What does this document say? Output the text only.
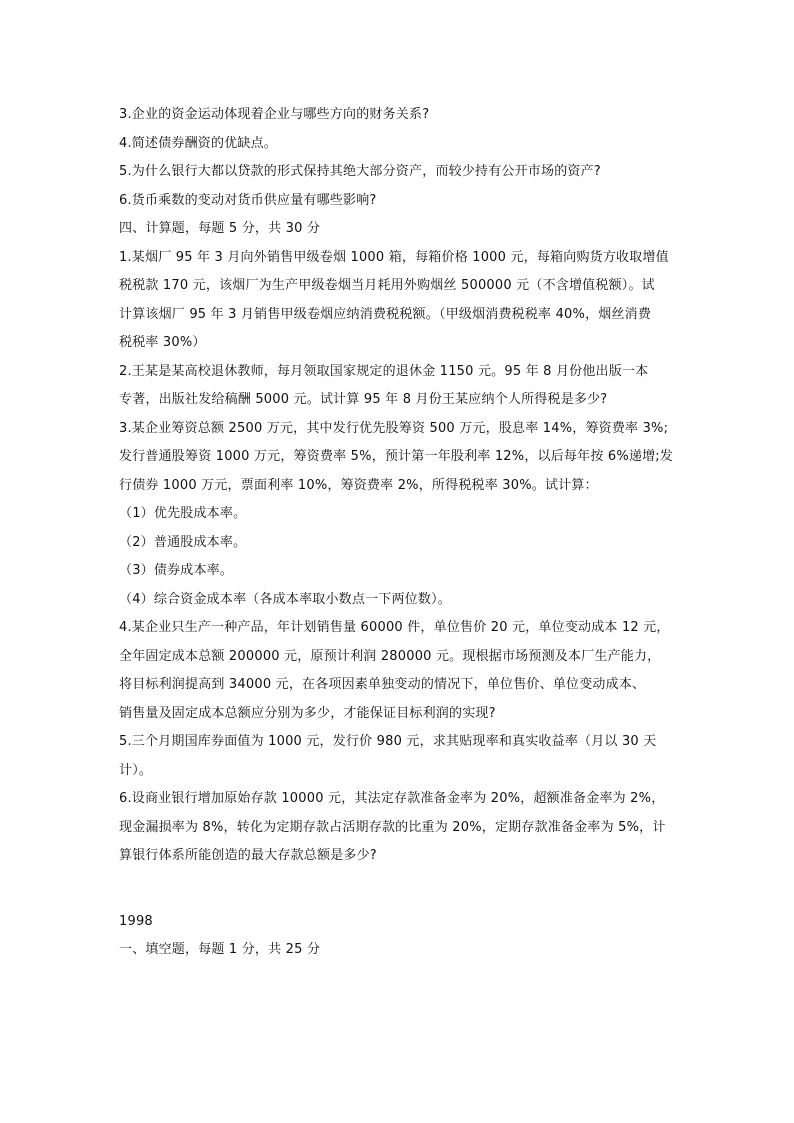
3.企业的资金运动体现着企业与哪些方向的财务关系?
4.简述债券酬资的优缺点。
5.为什么银行大都以贷款的形式保持其绝大部分资产，而较少持有公开市场的资产?
6.货币乘数的变动对货币供应量有哪些影响?
四、计算题，每题 5 分，共 30 分
1.某烟厂 95 年 3 月向外销售甲级卷烟 1000 箱，每箱价格 1000 元，每箱向购货方收取增值
税税款 170 元，该烟厂为生产甲级卷烟当月耗用外购烟丝 500000 元（不含增值税额）。试
计算该烟厂 95 年 3 月销售甲级卷烟应纳消费税税额。（甲级烟消费税税率 40%，烟丝消费
税税率 30%）
2.王某是某高校退休教师，每月领取国家规定的退休金 1150 元。95 年 8 月份他出版一本
专著，出版社发给稿酬 5000 元。试计算 95 年 8 月份王某应纳个人所得税是多少?
3.某企业筹资总额 2500 万元，其中发行优先股筹资 500 万元，股息率 14%，筹资费率 3%;
发行普通股筹资 1000 万元，筹资费率 5%，预计第一年股利率 12%，以后每年按 6%递增;发
行债券 1000 万元，票面利率 10%，筹资费率 2%，所得税税率 30%。试计算：
（1）优先股成本率。
（2）普通股成本率。
（3）债券成本率。
（4）综合资金成本率（各成本率取小数点一下两位数）。
4.某企业只生产一种产品，年计划销售量 60000 件，单位售价 20 元，单位变动成本 12 元，
全年固定成本总额 200000 元，原预计利润 280000 元。现根据市场预测及本厂生产能力，
将目标利润提高到 34000 元，在各项因素单独变动的情况下，单位售价、单位变动成本、
销售量及固定成本总额应分别为多少，才能保证目标利润的实现?
5.三个月期国库券面值为 1000 元，发行价 980 元，求其贴现率和真实收益率（月以 30 天
计）。
6.设商业银行增加原始存款 10000 元，其法定存款准备金率为 20%，超额准备金率为 2%，
现金漏损率为 8%，转化为定期存款占活期存款的比重为 20%，定期存款准备金率为 5%，计
算银行体系所能创造的最大存款总额是多少?
1998
一、填空题，每题 1 分，共 25 分
